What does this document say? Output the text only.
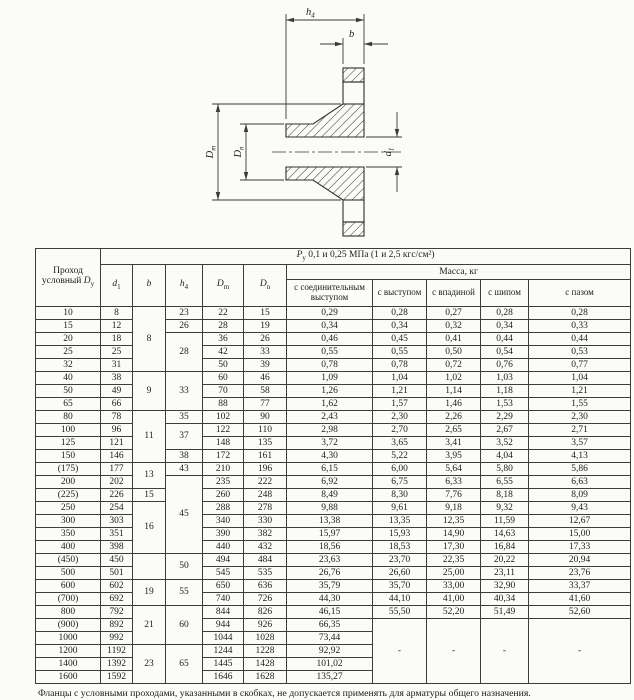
$h_4$
b
$D_m$
$D_n$
$d_1$
Проход
условный $D_у$	$P_у$ 0,1 и 0,25 МПа (1 и 2,5 кгс/см²)									
	$d_1$	b	$h_4$	$D_m$	$D_n$	Масса, кг				
						с соединительным выступом	с выступом	с впадиной	с шипом	с пазом
10	8	8	23	22	15	0,29	0,28	0,27	0,28	0,28
15	12		26	28	19	0,34	0,34	0,32	0,34	0,33
20	18		28	36	26	0,46	0,45	0,41	0,44	0,44
25	25			42	33	0,55	0,55	0,50	0,54	0,53
32	31			50	39	0,78	0,78	0,72	0,76	0,77
40	38	9	33	60	46	1,09	1,04	1,02	1,03	1,04
50	49			70	58	1,26	1,21	1,14	1,18	1,21
65	66			88	77	1,62	1,57	1,46	1,53	1,55
80	78	11	35	102	90	2,43	2,30	2,26	2,29	2,30
100	96		37	122	110	2,98	2,70	2,65	2,67	2,71
125	121			148	135	3,72	3,65	3,41	3,52	3,57
150	146		38	172	161	4,30	5,22	3,95	4,04	4,13
(175)	177	13	43	210	196	6,15	6,00	5,64	5,80	5,86
200	202		45	235	222	6,92	6,75	6,33	6,55	6,63
(225)	226	15		260	248	8,49	8,30	7,76	8,18	8,09
250	254	16		288	278	9,88	9,61	9,18	9,32	9,43
300	303			340	330	13,38	13,35	12,35	11,59	12,67
350	351			390	382	15,97	15,93	14,90	14,63	15,00
400	398			440	432	18,56	18,53	17,30	16,84	17,33
(450)	450		50	494	484	23,63	23,70	22,35	20,22	20,94
500	501			545	535	26,76	26,60	25,00	23,11	23,76
600	602	19	55	650	636	35,79	35,70	33,00	32,90	33,37
(700)	692			740	726	44,30	44,10	41,00	40,34	41,60
800	792	21	60	844	826	46,15	55,50	52,20	51,49	52,60
(900)	892			944	926	66,35	-	-	-	-
1000	992			1044	1028	73,44				
1200	1192	23	65	1244	1228	92,92				
1400	1392			1445	1428	101,02				
1600	1592			1646	1628	135,27				
Фланцы с условными проходами, указанными в скобках, не допускается применять для арматуры общего назначения.
